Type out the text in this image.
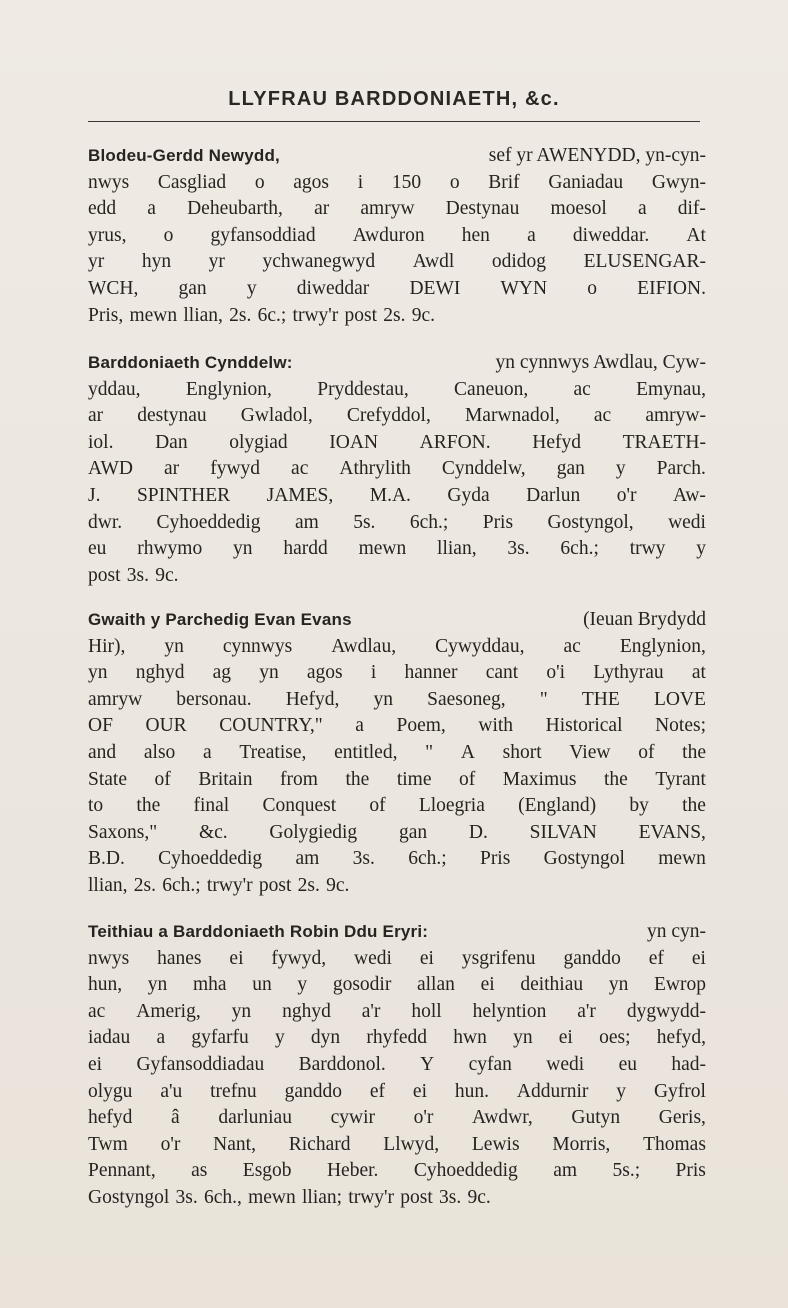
LLYFRAU BARDDONIAETH, &c.
Blodeu-Gerdd Newydd,	sef yr AWENYDD, yn-cyn-
nwys Casgliad o agos i 150 o Brif Ganiadau Gwyn-
edd a Deheubarth, ar amryw Destynau moesol a dif-
yrus, o gyfansoddiad Awduron hen a diweddar. At
yr hyn yr ychwanegwyd Awdl odidog ELUSENGAR-
WCH, gan y diweddar DEWI WYN o EIFION.
Pris, mewn llian, 2s. 6c.; trwy'r post 2s. 9c.
Barddoniaeth Cynddelw:	yn cynnwys Awdlau, Cyw-
yddau, Englynion, Pryddestau, Caneuon, ac Emynau,
ar destynau Gwladol, Crefyddol, Marwnadol, ac amryw-
iol. Dan olygiad IOAN ARFON. Hefyd TRAETH-
AWD ar fywyd ac Athrylith Cynddelw, gan y Parch.
J. SPINTHER JAMES, M.A. Gyda Darlun o'r Aw-
dwr. Cyhoeddedig am 5s. 6ch.; Pris Gostyngol, wedi
eu rhwymo yn hardd mewn llian, 3s. 6ch.; trwy y
post 3s. 9c.
Gwaith y Parchedig Evan Evans	(Ieuan Brydydd
Hir), yn cynnwys Awdlau, Cywyddau, ac Englynion,
yn nghyd ag yn agos i hanner cant o'i Lythyrau at
amryw bersonau. Hefyd, yn Saesoneg, " THE LOVE
OF OUR COUNTRY," a Poem, with Historical Notes;
and also a Treatise, entitled, " A short View of the
State of Britain from the time of Maximus the Tyrant
to the final Conquest of Lloegria (England) by the
Saxons," &c. Golygiedig gan D. SILVAN EVANS,
B.D. Cyhoeddedig am 3s. 6ch.; Pris Gostyngol mewn
llian, 2s. 6ch.; trwy'r post 2s. 9c.
Teithiau a Barddoniaeth Robin Ddu Eryri:	yn cyn-
nwys hanes ei fywyd, wedi ei ysgrifenu ganddo ef ei
hun, yn mha un y gosodir allan ei deithiau yn Ewrop
ac Amerig, yn nghyd a'r holl helyntion a'r dygwydd-
iadau a gyfarfu y dyn rhyfedd hwn yn ei oes; hefyd,
ei Gyfansoddiadau Barddonol. Y cyfan wedi eu had-
olygu a'u trefnu ganddo ef ei hun. Addurnir y Gyfrol
hefyd â darluniau cywir o'r Awdwr, Gutyn Geris,
Twm o'r Nant, Richard Llwyd, Lewis Morris, Thomas
Pennant, as Esgob Heber. Cyhoeddedig am 5s.; Pris
Gostyngol 3s. 6ch., mewn llian; trwy'r post 3s. 9c.
